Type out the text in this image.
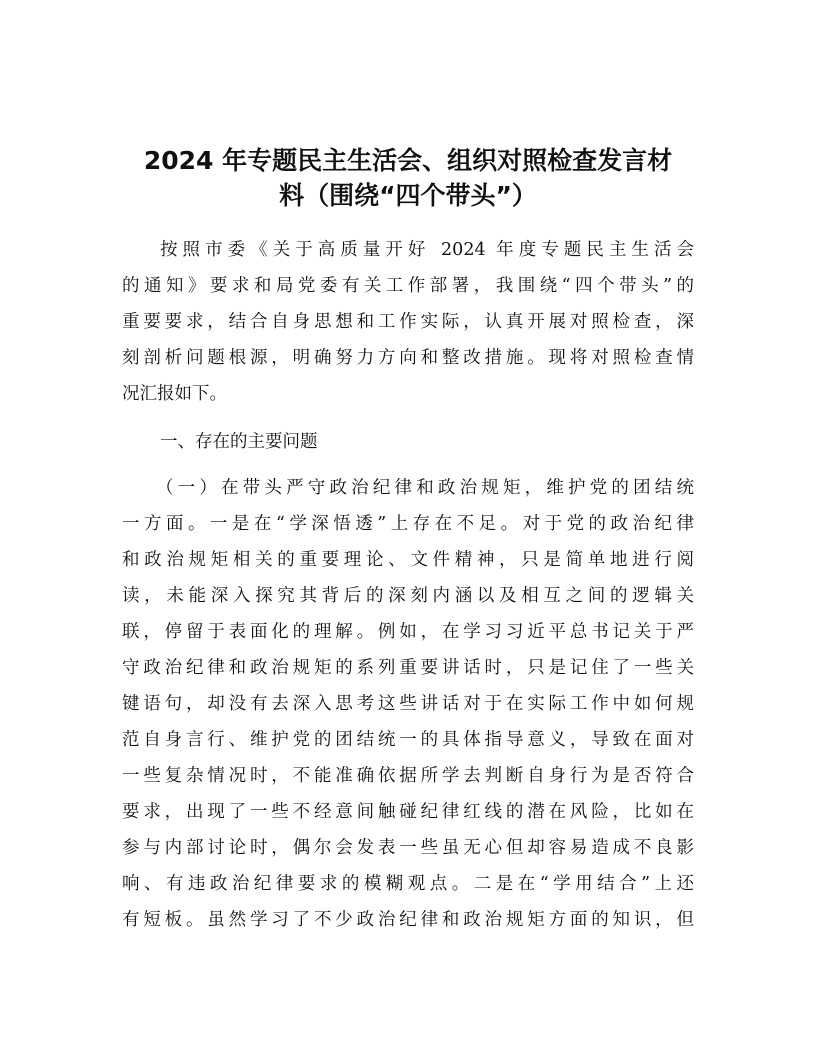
2024 年专题民主生活会、组织对照检查发言材
料（围绕“四个带头”）
按照市委《关于高质量开好 2024 年度专题民主生活会
的通知》要求和局党委有关工作部署，我围绕“四个带头”的
重要要求，结合自身思想和工作实际，认真开展对照检查，深
刻剖析问题根源，明确努力方向和整改措施。现将对照检查情
况汇报如下。
一、存在的主要问题
（一）在带头严守政治纪律和政治规矩，维护党的团结统
一方面。一是在“学深悟透”上存在不足。对于党的政治纪律
和政治规矩相关的重要理论、文件精神，只是简单地进行阅
读，未能深入探究其背后的深刻内涵以及相互之间的逻辑关
联，停留于表面化的理解。例如，在学习习近平总书记关于严
守政治纪律和政治规矩的系列重要讲话时，只是记住了一些关
键语句，却没有去深入思考这些讲话对于在实际工作中如何规
范自身言行、维护党的团结统一的具体指导意义，导致在面对
一些复杂情况时，不能准确依据所学去判断自身行为是否符合
要求，出现了一些不经意间触碰纪律红线的潜在风险，比如在
参与内部讨论时，偶尔会发表一些虽无心但却容易造成不良影
响、有违政治纪律要求的模糊观点。二是在“学用结合”上还
有短板。虽然学习了不少政治纪律和政治规矩方面的知识，但
